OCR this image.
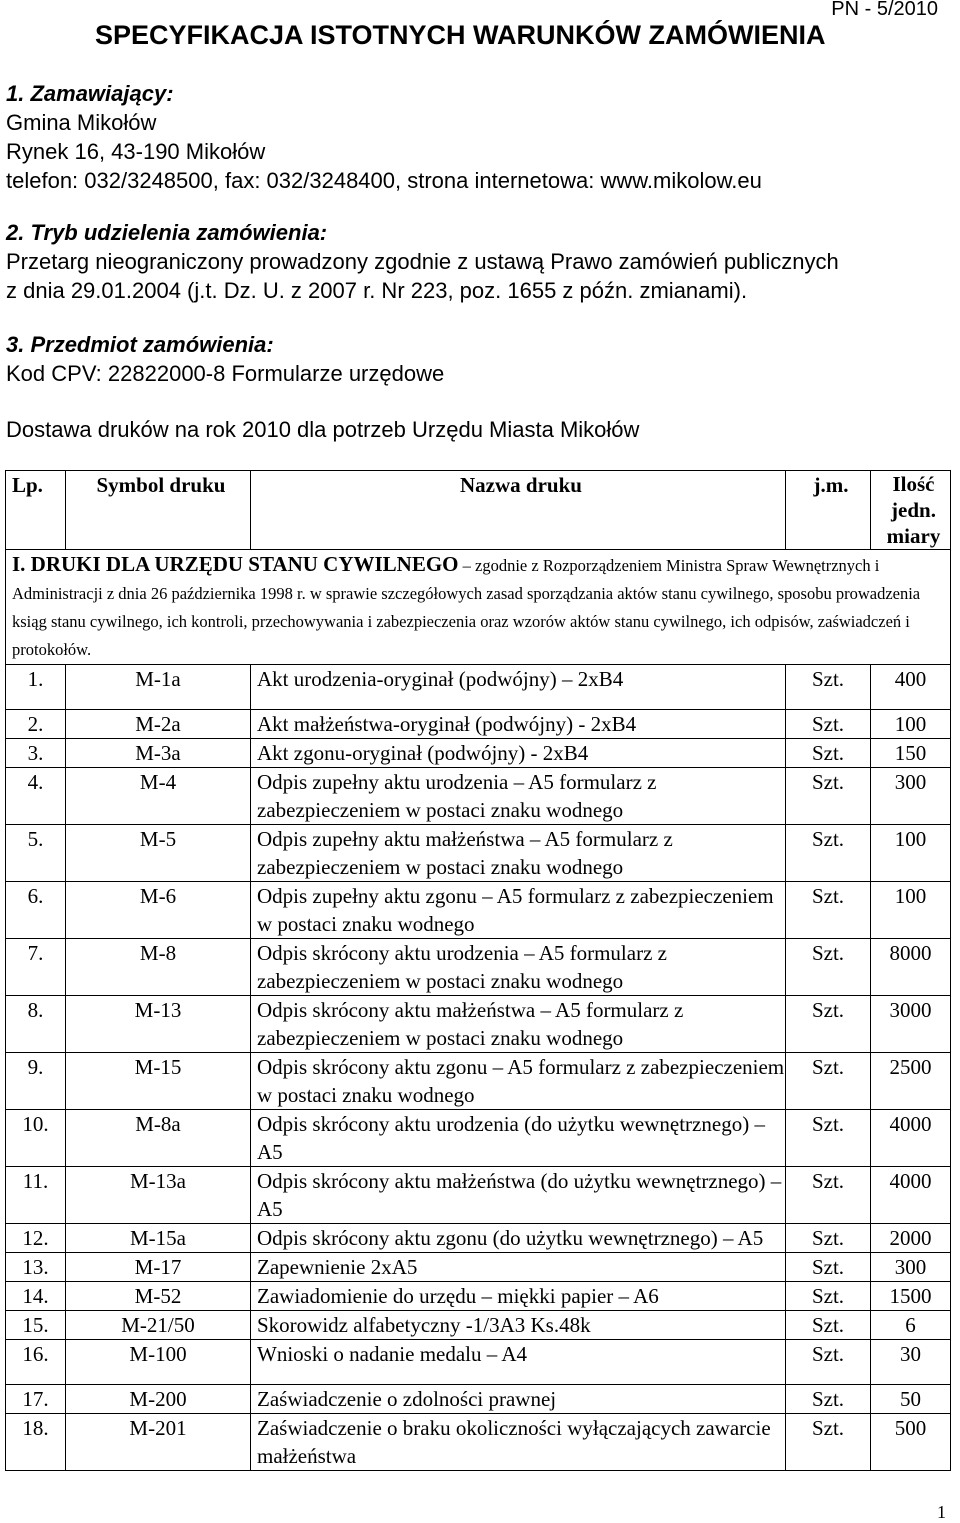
PN - 5/2010
SPECYFIKACJA ISTOTNYCH WARUNKÓW ZAMÓWIENIA
1. Zamawiający:
Gmina Mikołów
Rynek 16, 43-190 Mikołów
telefon: 032/3248500, fax: 032/3248400, strona internetowa: www.mikolow.eu
2. Tryb udzielenia zamówienia:
Przetarg nieograniczony prowadzony zgodnie z ustawą Prawo zamówień publicznych
z dnia 29.01.2004 (j.t. Dz. U. z 2007 r. Nr 223, poz. 1655 z późn. zmianami).
3. Przedmiot zamówienia:
Kod CPV: 22822000-8 Formularze urzędowe
Dostawa druków na rok 2010 dla potrzeb Urzędu Miasta Mikołów
Lp.	Symbol druku	Nazwa druku	j.m.	Ilość
jedn.
miary

I. DRUKI DLA URZĘDU STANU CYWILNEGO – zgodnie z Rozporządzeniem Ministra Spraw Wewnętrznych i Administracji z dnia 26 października 1998 r. w sprawie szczegółowych zasad sporządzania aktów stanu cywilnego, sposobu prowadzenia ksiąg stanu cywilnego, ich kontroli, przechowywania i zabezpieczenia oraz wzorów aktów stanu cywilnego, ich odpisów, zaświadczeń i protokołów.				
1.	M-1a	Akt urodzenia-oryginał (podwójny) – 2xB4	Szt.	400
2.	M-2a	Akt małżeństwa-oryginał (podwójny) - 2xB4	Szt.	100
3.	M-3a	Akt zgonu-oryginał (podwójny) - 2xB4	Szt.	150
4.	M-4	Odpis zupełny aktu urodzenia – A5 formularz z zabezpieczeniem w postaci znaku wodnego	Szt.	300
5.	M-5	Odpis zupełny aktu małżeństwa – A5 formularz z zabezpieczeniem w postaci znaku wodnego	Szt.	100
6.	M-6	Odpis zupełny aktu zgonu – A5 formularz z zabezpieczeniem w postaci znaku wodnego	Szt.	100
7.	M-8	Odpis skrócony aktu urodzenia – A5 formularz z zabezpieczeniem w postaci znaku wodnego	Szt.	8000
8.	M-13	Odpis skrócony aktu małżeństwa – A5 formularz z zabezpieczeniem w postaci znaku wodnego	Szt.	3000
9.	M-15	Odpis skrócony aktu zgonu – A5 formularz z zabezpieczeniem w postaci znaku wodnego	Szt.	2500
10.	M-8a	Odpis skrócony aktu urodzenia (do użytku wewnętrznego) – A5	Szt.	4000
11.	M-13a	Odpis skrócony aktu małżeństwa (do użytku wewnętrznego) – A5	Szt.	4000
12.	M-15a	Odpis skrócony aktu zgonu (do użytku wewnętrznego) – A5	Szt.	2000
13.	M-17	Zapewnienie 2xA5	Szt.	300
14.	M-52	Zawiadomienie do urzędu – miękki papier – A6	Szt.	1500
15.	M-21/50	Skorowidz alfabetyczny -1/3A3 Ks.48k	Szt.	6
16.	M-100	Wnioski o nadanie medalu – A4	Szt.	30
17.	M-200	Zaświadczenie o zdolności prawnej	Szt.	50
18.	M-201	Zaświadczenie o braku okoliczności wyłączających zawarcie małżeństwa	Szt.	500
1
